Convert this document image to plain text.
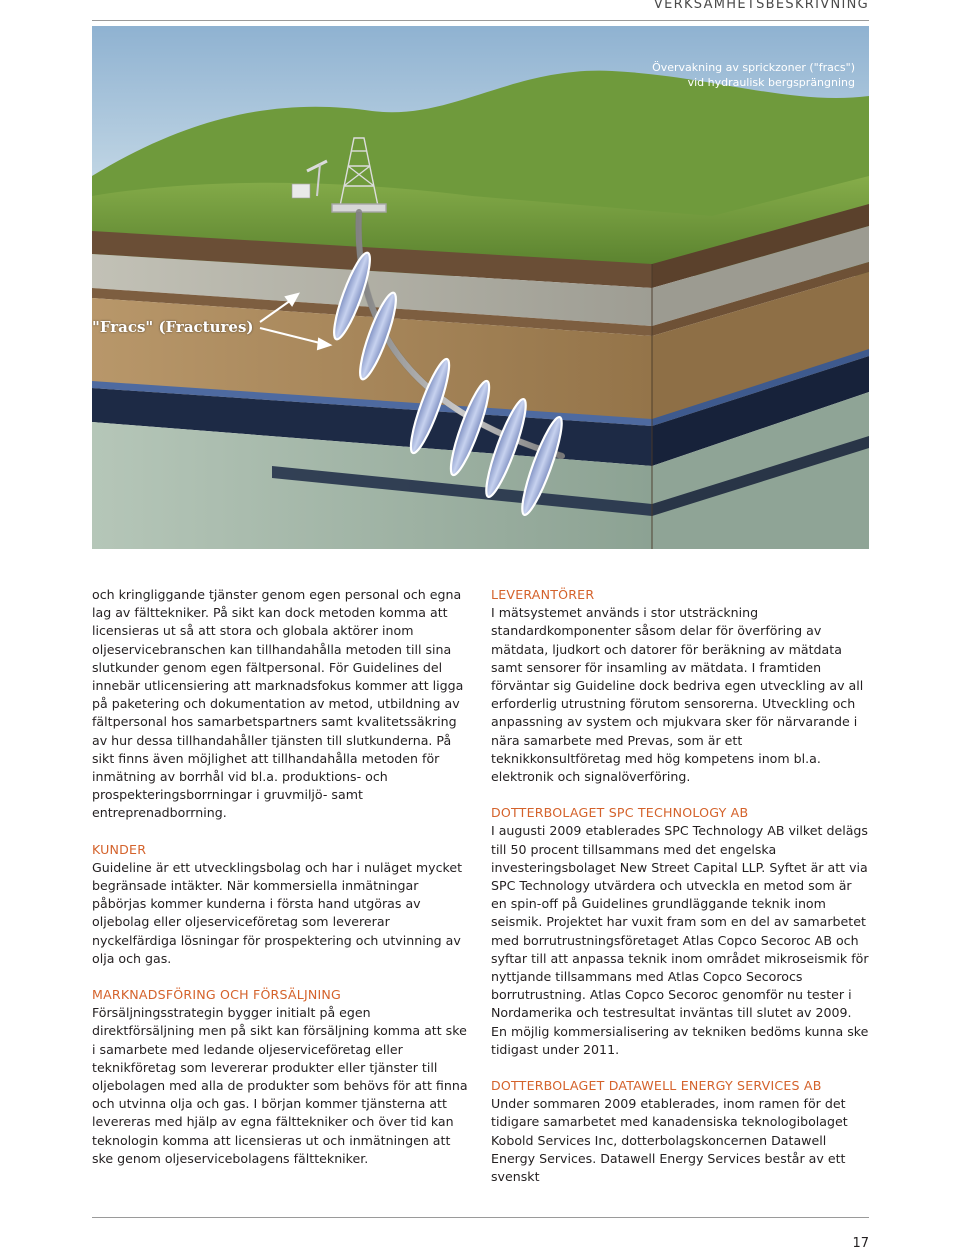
VERKSAMHETSBESKRIVNING
Övervakning av sprickzoner ("fracs")
vid hydraulisk bergsprängning
"Fracs" (Fractures)

och kringliggande tjänster genom egen personal och egna lag av fälttekniker. På sikt kan dock metoden komma att licensieras ut så att stora och globala aktörer inom oljeservicebranschen kan tillhandahålla metoden till sina slutkunder genom egen fältpersonal. För Guidelines del innebär utlicensiering att marknadsfokus kommer att ligga på paketering och dokumentation av metod, utbildning av fältpersonal hos samarbetspartners samt kvalitetssäkring av hur dessa tillhandahåller tjänsten till slutkunderna. På sikt finns även möjlighet att tillhandahålla metoden för inmätning av borrhål vid bl.a. produktions- och prospekteringsborrningar i gruvmiljö- samt entreprenadborrning.

KUNDER

Guideline är ett utvecklingsbolag och har i nuläget mycket begränsade intäkter. När kommersiella inmätningar påbörjas kommer kunderna i första hand utgöras av oljebolag eller oljeserviceföretag som levererar nyckelfärdiga lösningar för prospektering och utvinning av olja och gas.

MARKNADSFÖRING OCH FÖRSÄLJNING

Försäljningsstrategin bygger initialt på egen direktförsäljning men på sikt kan försäljning komma att ske i samarbete med ledande oljeserviceföretag eller teknikföretag som levererar produkter eller tjänster till oljebolagen med alla de produkter som behövs för att finna och utvinna olja och gas. I början kommer tjänsterna att levereras med hjälp av egna fälttekniker och över tid kan teknologin komma att licensieras ut och inmätningen att ske genom oljeservicebolagens fälttekniker.

LEVERANTÖRER

I mätsystemet används i stor utsträckning standardkomponenter såsom delar för överföring av mätdata, ljudkort och datorer för beräkning av mätdata samt sensorer för insamling av mätdata. I framtiden förväntar sig Guideline dock bedriva egen utveckling av all erforderlig utrustning förutom sensorerna. Utveckling och anpassning av system och mjukvara sker för närvarande i nära samarbete med Prevas, som är ett teknikkonsultföretag med hög kompetens inom bl.a. elektronik och signalöverföring.

DOTTERBOLAGET SPC TECHNOLOGY AB

I augusti 2009 etablerades SPC Technology AB vilket delägs till 50 procent tillsammans med det engelska investeringsbolaget New Street Capital LLP. Syftet är att via SPC Technology utvärdera och utveckla en metod som är en spin-off på Guidelines grundläggande teknik inom seismik. Projektet har vuxit fram som en del av samarbetet med borrutrustningsföretaget Atlas Copco Secoroc AB och syftar till att anpassa teknik inom området mikroseismik för nyttjande tillsammans med Atlas Copco Secorocs borrutrustning. Atlas Copco Secoroc genomför nu tester i Nordamerika och testresultat inväntas till slutet av 2009. En möjlig kommersialisering av tekniken bedöms kunna ske tidigast under 2011.

DOTTERBOLAGET DATAWELL ENERGY SERVICES AB

Under sommaren 2009 etablerades, inom ramen för det tidigare samarbetet med kanadensiska teknologibolaget Kobold Services Inc, dotterbolagskoncernen Datawell Energy Services. Datawell Energy Services består av ett svenskt

17
